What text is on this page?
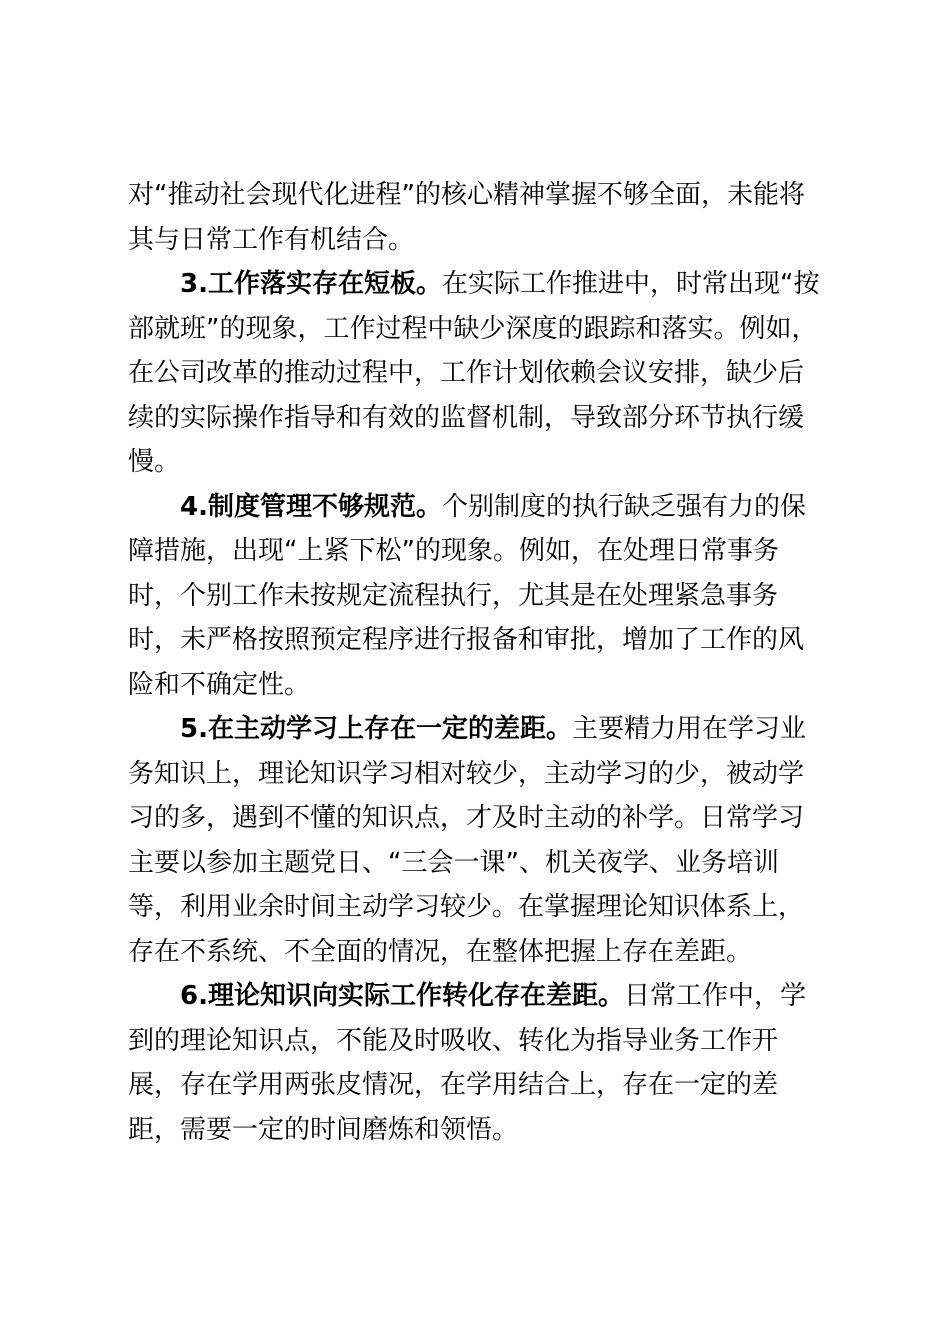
对“推动社会现代化进程”的核心精神掌握不够全面，未能将其与日常工作有机结合。

3.工作落实存在短板。在实际工作推进中，时常出现“按部就班”的现象，工作过程中缺少深度的跟踪和落实。例如，在公司改革的推动过程中，工作计划依赖会议安排，缺少后续的实际操作指导和有效的监督机制，导致部分环节执行缓慢。

4.制度管理不够规范。个别制度的执行缺乏强有力的保障措施，出现“上紧下松”的现象。例如，在处理日常事务时，个别工作未按规定流程执行，尤其是在处理紧急事务时，未严格按照预定程序进行报备和审批，增加了工作的风险和不确定性。

5.在主动学习上存在一定的差距。主要精力用在学习业务知识上，理论知识学习相对较少，主动学习的少，被动学习的多，遇到不懂的知识点，才及时主动的补学。日常学习主要以参加主题党日、“三会一课”、机关夜学、业务培训等，利用业余时间主动学习较少。在掌握理论知识体系上，存在不系统、不全面的情况，在整体把握上存在差距。

6.理论知识向实际工作转化存在差距。日常工作中，学到的理论知识点，不能及时吸收、转化为指导业务工作开展，存在学用两张皮情况，在学用结合上，存在一定的差距，需要一定的时间磨炼和领悟。
